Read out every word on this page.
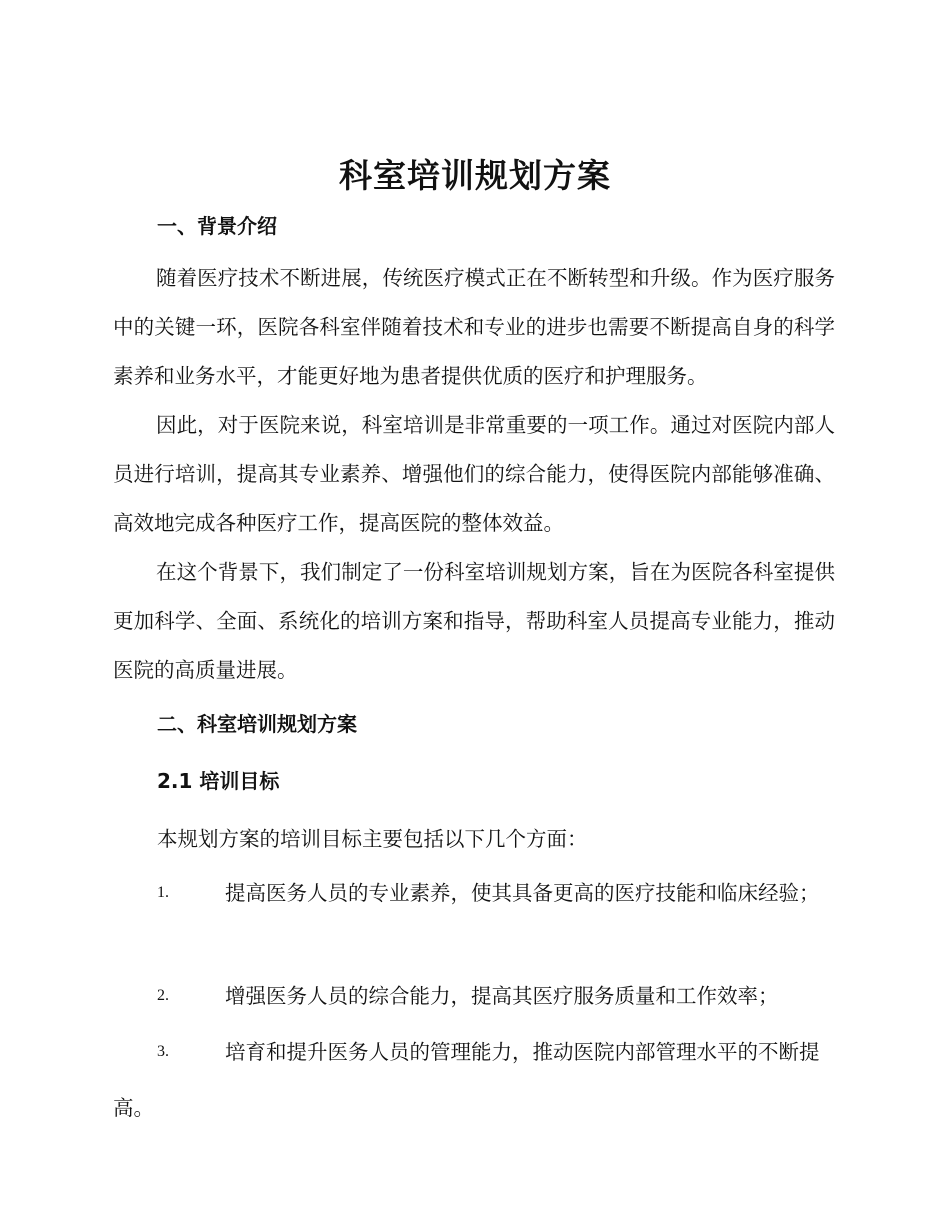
科室培训规划方案
一、背景介绍
随着医疗技术不断进展，传统医疗模式正在不断转型和升级。作为医疗服务中的关键一环，医院各科室伴随着技术和专业的进步也需要不断提高自身的科学素养和业务水平，才能更好地为患者提供优质的医疗和护理服务。
因此，对于医院来说，科室培训是非常重要的一项工作。通过对医院内部人员进行培训，提高其专业素养、增强他们的综合能力，使得医院内部能够准确、高效地完成各种医疗工作，提高医院的整体效益。
在这个背景下，我们制定了一份科室培训规划方案，旨在为医院各科室提供更加科学、全面、系统化的培训方案和指导，帮助科室人员提高专业能力，推动医院的高质量进展。
二、科室培训规划方案
2.1 培训目标
本规划方案的培训目标主要包括以下几个方面：
1.	提高医务人员的专业素养，使其具备更高的医疗技能和临床经验；
2.	增强医务人员的综合能力，提高其医疗服务质量和工作效率；
3.	培育和提升医务人员的管理能力，推动医院内部管理水平的不断提高。
